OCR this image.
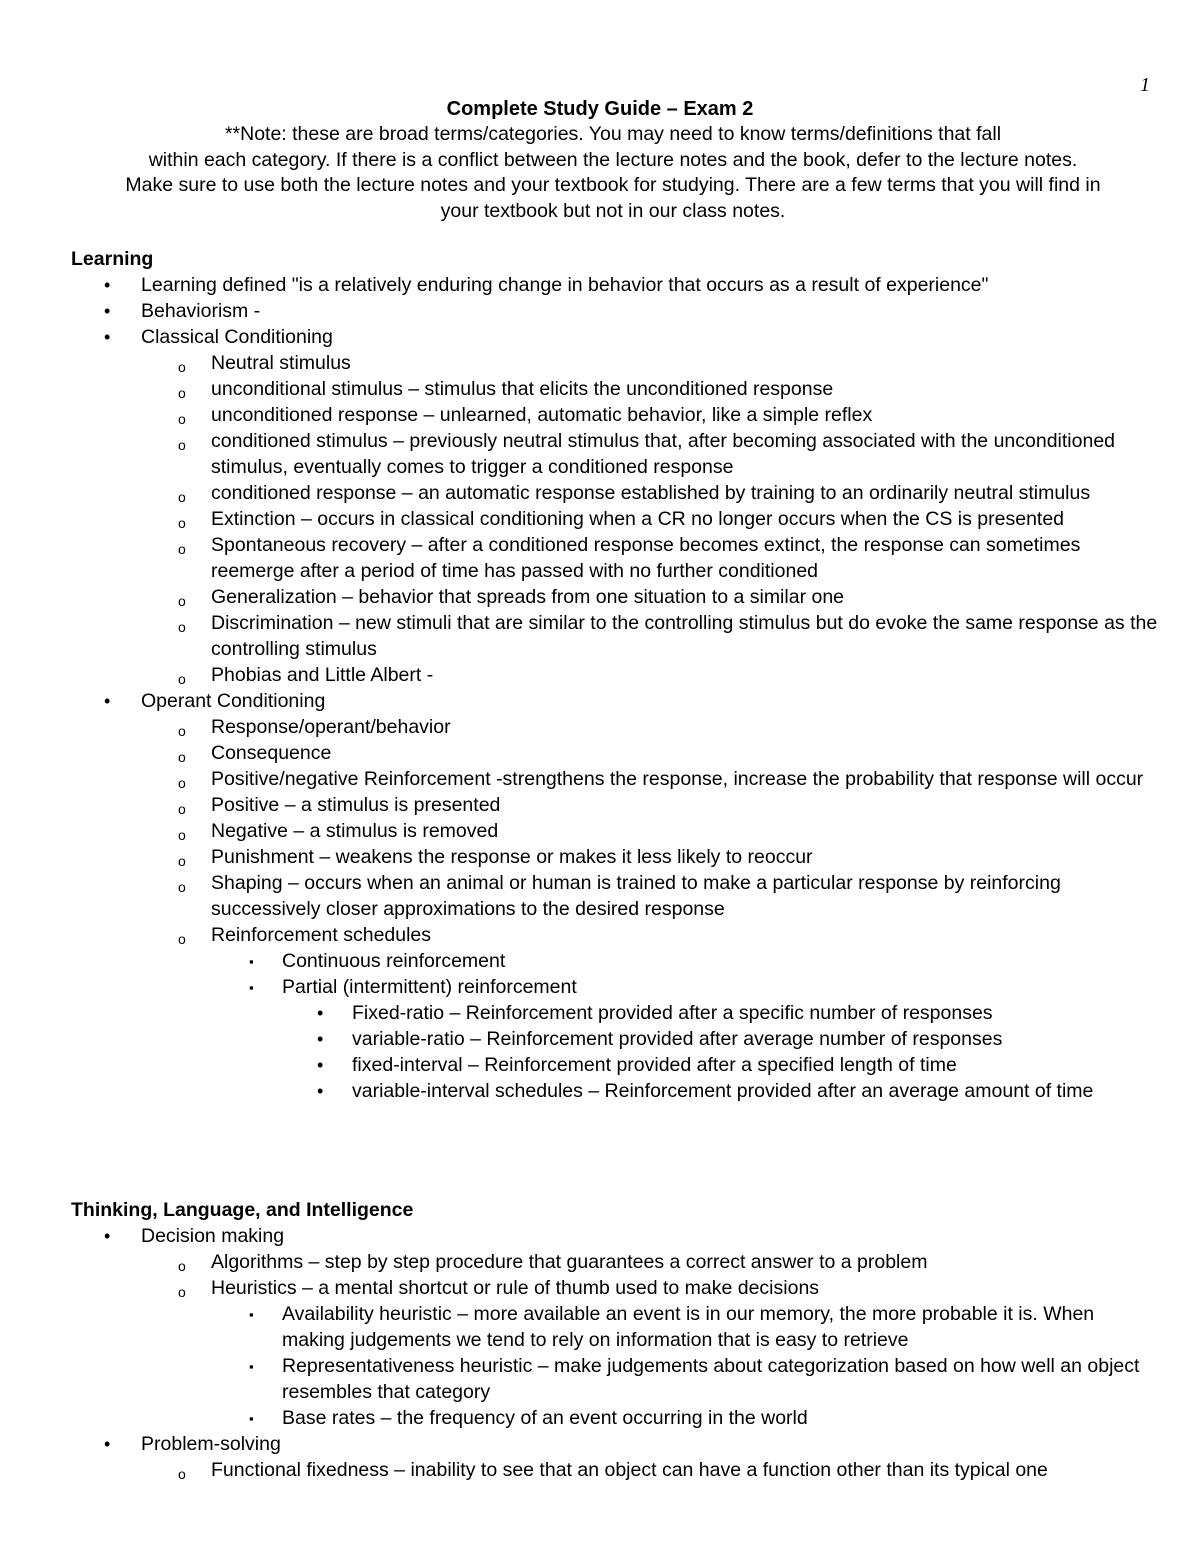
1
Complete Study Guide – Exam 2

**Note: these are broad terms/categories. You may need to know terms/definitions that fall

within each category. If there is a conflict between the lecture notes and the book, defer to the lecture notes.

Make sure to use both the lecture notes and your textbook for studying. There are a few terms that you will find in

your textbook but not in our class notes.

Learning
• Learning defined "is a relatively enduring change in behavior that occurs as a result of experience"
• Behaviorism -
• Classical Conditioning
o Neutral stimulus
o unconditional stimulus – stimulus that elicits the unconditioned response
o unconditioned response – unlearned, automatic behavior, like a simple reflex
o conditioned stimulus – previously neutral stimulus that, after becoming associated with the unconditioned stimulus, eventually comes to trigger a conditioned response
o conditioned response – an automatic response established by training to an ordinarily neutral stimulus
o Extinction – occurs in classical conditioning when a CR no longer occurs when the CS is presented
o Spontaneous recovery – after a conditioned response becomes extinct, the response can sometimes reemerge after a period of time has passed with no further conditioned
o Generalization – behavior that spreads from one situation to a similar one
o Discrimination – new stimuli that are similar to the controlling stimulus but do evoke the same response as the controlling stimulus
o Phobias and Little Albert -
• Operant Conditioning
o Response/operant/behavior
o Consequence
o Positive/negative Reinforcement -strengthens the response, increase the probability that response will occur
o Positive – a stimulus is presented
o Negative – a stimulus is removed
o Punishment – weakens the response or makes it less likely to reoccur
o Shaping – occurs when an animal or human is trained to make a particular response by reinforcing successively closer approximations to the desired response
o Reinforcement schedules
▪ Continuous reinforcement
▪ Partial (intermittent) reinforcement
• Fixed-ratio – Reinforcement provided after a specific number of responses
• variable-ratio – Reinforcement provided after average number of responses
• fixed-interval – Reinforcement provided after a specified length of time
• variable-interval schedules – Reinforcement provided after an average amount of time
Thinking, Language, and Intelligence
• Decision making
o Algorithms – step by step procedure that guarantees a correct answer to a problem
o Heuristics – a mental shortcut or rule of thumb used to make decisions
▪ Availability heuristic – more available an event is in our memory, the more probable it is. When making judgements we tend to rely on information that is easy to retrieve
▪ Representativeness heuristic – make judgements about categorization based on how well an object resembles that category
▪ Base rates – the frequency of an event occurring in the world
• Problem-solving
o Functional fixedness – inability to see that an object can have a function other than its typical one
